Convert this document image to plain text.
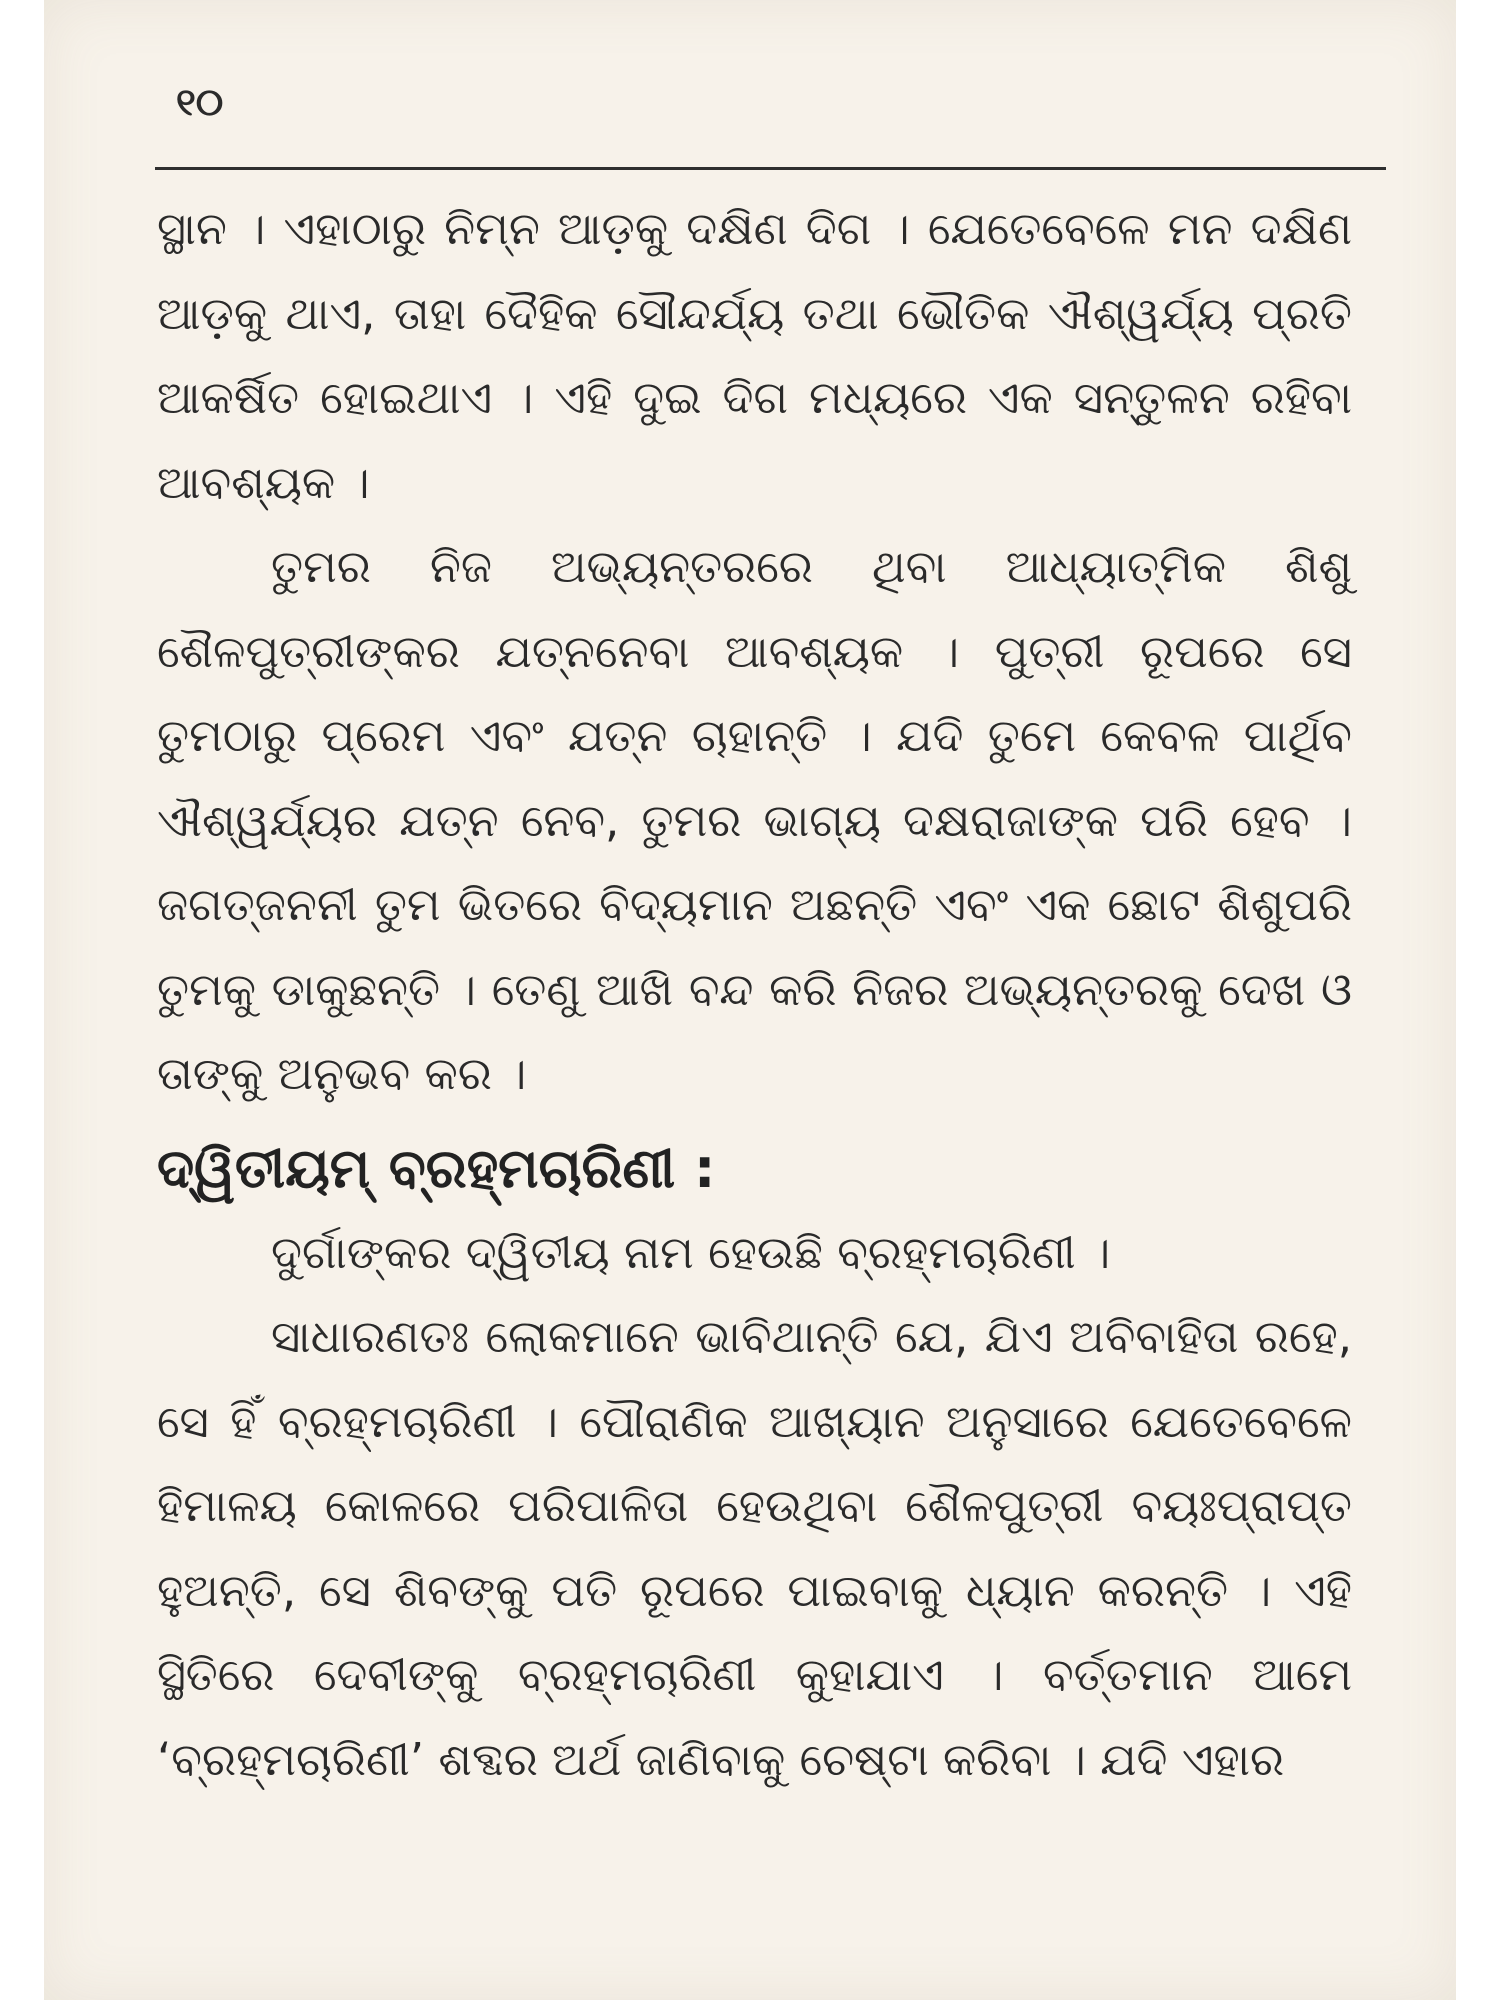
୧୦

ସ୍ଥାନ । ଏହାଠାରୁ ନିମ୍ନ ଆଡ଼କୁ ଦକ୍ଷିଣ ଦିଗ । ଯେତେବେଳେ ମନ ଦକ୍ଷିଣ ଆଡ଼କୁ ଥାଏ, ତାହା ଦୈହିକ ସୌନ୍ଦର୍ଯ୍ୟ ତଥା ଭୌତିକ ଐଶ୍ୱର୍ଯ୍ୟ ପ୍ରତି ଆକର୍ଷିତ ହୋଇଥାଏ । ଏହି ଦୁଇ ଦିଗ ମଧ୍ୟରେ ଏକ ସନ୍ତୁଳନ ରହିବା ଆବଶ୍ୟକ ।

ତୁମର ନିଜ ଅଭ୍ୟନ୍ତରରେ ଥିବା ଆଧ୍ୟାତ୍ମିକ ଶିଶୁ ଶୈଳପୁତ୍ରୀଙ୍କର ଯତ୍ନନେବା ଆବଶ୍ୟକ । ପୁତ୍ରୀ ରୂପରେ ସେ ତୁମଠାରୁ ପ୍ରେମ ଏବଂ ଯତ୍ନ ଚାହାନ୍ତି । ଯଦି ତୁମେ କେବଳ ପାର୍ଥିବ ଐଶ୍ୱର୍ଯ୍ୟର ଯତ୍ନ ନେବ, ତୁମର ଭାଗ୍ୟ ଦକ୍ଷରାଜାଙ୍କ ପରି ହେବ । ଜଗତ୍‌ଜନନୀ ତୁମ ଭିତରେ ବିଦ୍ୟମାନ ଅଛନ୍ତି ଏବଂ ଏକ ଛୋଟ ଶିଶୁପରି ତୁମକୁ ଡାକୁଛନ୍ତି । ତେଣୁ ଆଖି ବନ୍ଦ କରି ନିଜର ଅଭ୍ୟନ୍ତରକୁ ଦେଖ ଓ ତାଙ୍କୁ ଅନୁଭବ କର ।

ଦ୍ୱିତୀୟମ୍ ବ୍ରହ୍ମଚାରିଣୀ :

ଦୁର୍ଗାଙ୍କର ଦ୍ୱିତୀୟ ନାମ ହେଉଛି ବ୍ରହ୍ମଚାରିଣୀ ।

ସାଧାରଣତଃ ଲୋକମାନେ ଭାବିଥାନ୍ତି ଯେ, ଯିଏ ଅବିବାହିତା ରହେ, ସେ ହିଁ ବ୍ରହ୍ମଚାରିଣୀ । ପୌରାଣିକ ଆଖ୍ୟାନ ଅନୁସାରେ ଯେତେବେଳେ ହିମାଳୟ କୋଳରେ ପରିପାଳିତା ହେଉଥିବା ଶୈଳପୁତ୍ରୀ ବୟଃପ୍ରାପ୍ତ ହୁଅନ୍ତି, ସେ ଶିବଙ୍କୁ ପତି ରୂପରେ ପାଇବାକୁ ଧ୍ୟାନ କରନ୍ତି । ଏହି ସ୍ଥିତିରେ ଦେବୀଙ୍କୁ ବ୍ରହ୍ମଚାରିଣୀ କୁହାଯାଏ । ବର୍ତ୍ତମାନ ଆମେ ‘ବ୍ରହ୍ମଚାରିଣୀ’ ଶବ୍ଦର ଅର୍ଥ ଜାଣିବାକୁ ଚେଷ୍ଟା କରିବା । ଯଦି ଏହାର
